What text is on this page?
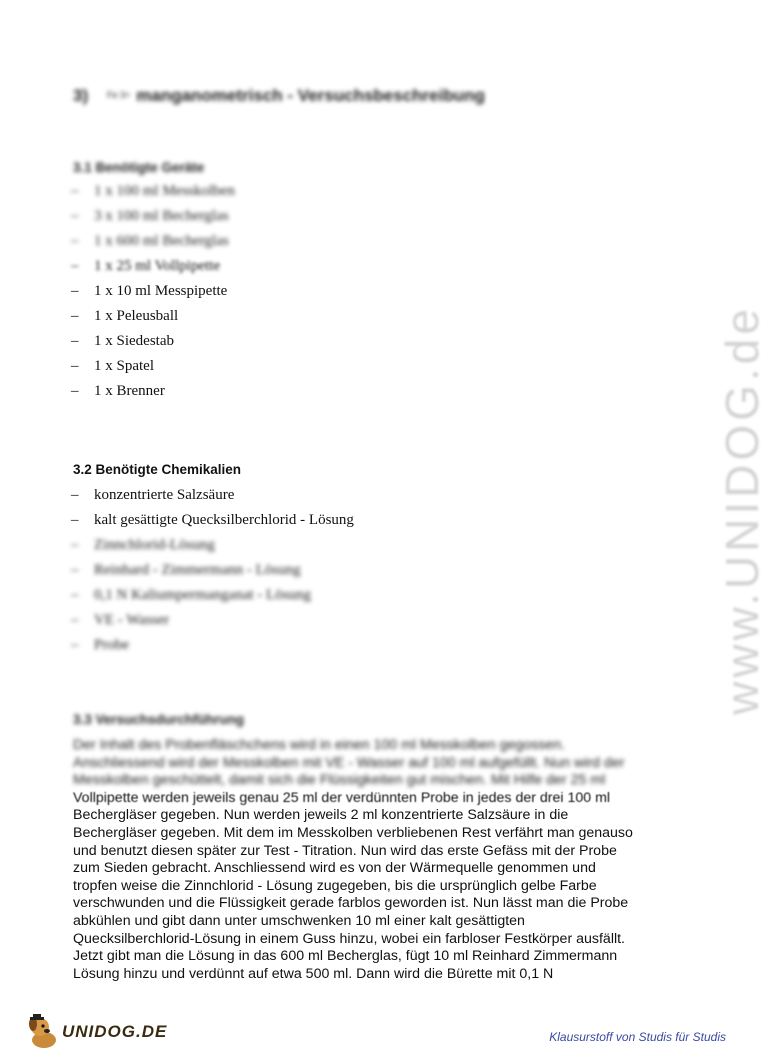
www.UNIDOG.de
3) Fe 3+ manganometrisch - Versuchsbeschreibung
3.1 Benötigte Geräte
– 1 x 100 ml Messkolben
– 3 x 100 ml Becherglas
– 1 x 600 ml Becherglas
– 1 x 25 ml Vollpipette
– 1 x 10 ml Messpipette
– 1 x Peleusball
– 1 x Siedestab
– 1 x Spatel
– 1 x Brenner
3.2 Benötigte Chemikalien
– konzentrierte Salzsäure
– kalt gesättigte Quecksilberchlorid - Lösung
– Zinnchlorid-Lösung
– Reinhard - Zimmermann - Lösung
– 0,1 N Kaliumpermanganat - Lösung
– VE - Wasser
– Probe
3.3 Versuchsdurchführung
Der Inhalt des Probenfläschchens wird in einen 100 ml Messkolben gegossen.
Anschliessend wird der Messkolben mit VE - Wasser auf 100 ml aufgefüllt. Nun wird der
Messkolben geschüttelt, damit sich die Flüssigkeiten gut mischen. Mit Hilfe der 25 ml
Vollpipette werden jeweils genau 25 ml der verdünnten Probe in jedes der drei 100 ml
Bechergläser gegeben. Nun werden jeweils 2 ml konzentrierte Salzsäure in die
Bechergläser gegeben. Mit dem im Messkolben verbliebenen Rest verfährt man genauso
und benutzt diesen später zur Test - Titration. Nun wird das erste Gefäss mit der Probe
zum Sieden gebracht. Anschliessend wird es von der Wärmequelle genommen und
tropfen weise die Zinnchlorid - Lösung zugegeben, bis die ursprünglich gelbe Farbe
verschwunden und die Flüssigkeit gerade farblos geworden ist. Nun lässt man die Probe
abkühlen und gibt dann unter umschwenken 10 ml einer kalt gesättigten
Quecksilberchlorid-Lösung in einem Guss hinzu, wobei ein farbloser Festkörper ausfällt.
Jetzt gibt man die Lösung in das 600 ml Becherglas, fügt 10 ml Reinhard Zimmermann
Lösung hinzu und verdünnt auf etwa 500 ml. Dann wird die Bürette mit 0,1 N
UNIDOG.DE	Klausurstoff von Studis für Studis
